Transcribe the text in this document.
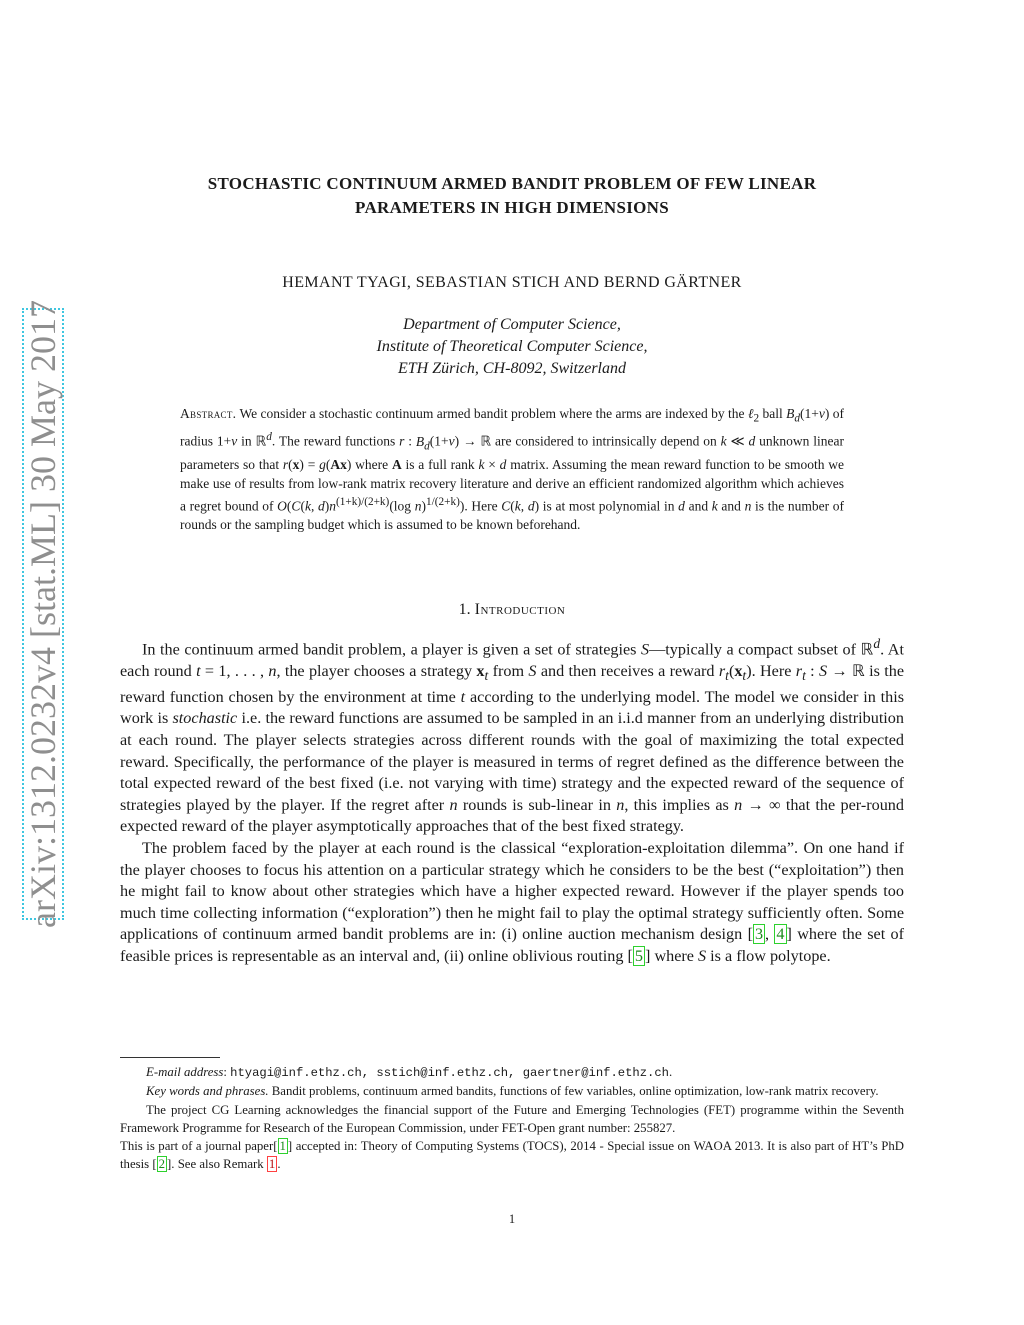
arXiv:1312.0232v4 [stat.ML] 30 May 2017
STOCHASTIC CONTINUUM ARMED BANDIT PROBLEM OF FEW LINEAR
PARAMETERS IN HIGH DIMENSIONS
HEMANT TYAGI, SEBASTIAN STICH AND BERND GÄRTNER
Department of Computer Science,
Institute of Theoretical Computer Science,
ETH Zürich, CH-8092, Switzerland
Abstract. We consider a stochastic continuum armed bandit problem where the arms are indexed by the ℓ$_2$ ball $B_d(1+\nu)$ of radius 1+ν in ℝ$^d$. The reward functions r : $B_d(1+\nu)$ → ℝ are considered to intrinsically depend on k ≪ d unknown linear parameters so that r(x) = g(Ax) where A is a full rank k × d matrix. Assuming the mean reward function to be smooth we make use of results from low-rank matrix recovery literature and derive an efficient randomized algorithm which achieves a regret bound of O(C(k, $d)n^{(1+k)/(2+k)}(\log$ n)$^{1/(2+k)}$). Here C(k, d) is at most polynomial in d and k and n is the number of rounds or the sampling budget which is assumed to be known beforehand.
1. Introduction

In the continuum armed bandit problem, a player is given a set of strategies S—typically a compact subset of ℝ$^d$. At each round t = 1, . . . , n, the player chooses a strategy $x_t$ from S and then receives a reward $r_t(x_t)$. Here $r_t$ : S → ℝ is the reward function chosen by the environment at time t according to the underlying model. The model we consider in this work is stochastic i.e. the reward functions are assumed to be sampled in an i.i.d manner from an underlying distribution at each round. The player selects strategies across different rounds with the goal of maximizing the total expected reward. Specifically, the performance of the player is measured in terms of regret defined as the difference between the total expected reward of the best fixed (i.e. not varying with time) strategy and the expected reward of the sequence of strategies played by the player. If the regret after n rounds is sub-linear in n, this implies as n → ∞ that the per-round expected reward of the player asymptotically approaches that of the best fixed strategy.

The problem faced by the player at each round is the classical “exploration-exploitation dilemma”. On one hand if the player chooses to focus his attention on a particular strategy which he considers to be the best (“exploitation”) then he might fail to know about other strategies which have a higher expected reward. However if the player spends too much time collecting information (“exploration”) then he might fail to play the optimal strategy sufficiently often. Some applications of continuum armed bandit problems are in: (i) online auction mechanism design [ 3 , 4 ] where the set of feasible prices is representable as an interval and, (ii) online oblivious routing [ 5 ] where S is a flow polytope.

E-mail address: htyagi@inf.ethz.ch, sstich@inf.ethz.ch, gaertner@inf.ethz.ch.

Key words and phrases. Bandit problems, continuum armed bandits, functions of few variables, online optimization, low-rank matrix recovery.

The project CG Learning acknowledges the financial support of the Future and Emerging Technologies (FET) programme within the Seventh Framework Programme for Research of the European Commission, under FET-Open grant number: 255827.

This is part of a journal paper[ 1 ] accepted in: Theory of Computing Systems (TOCS), 2014 - Special issue on WAOA 2013. It is also part of HT’s PhD thesis [ 2 ]. See also Remark 1 .

1
